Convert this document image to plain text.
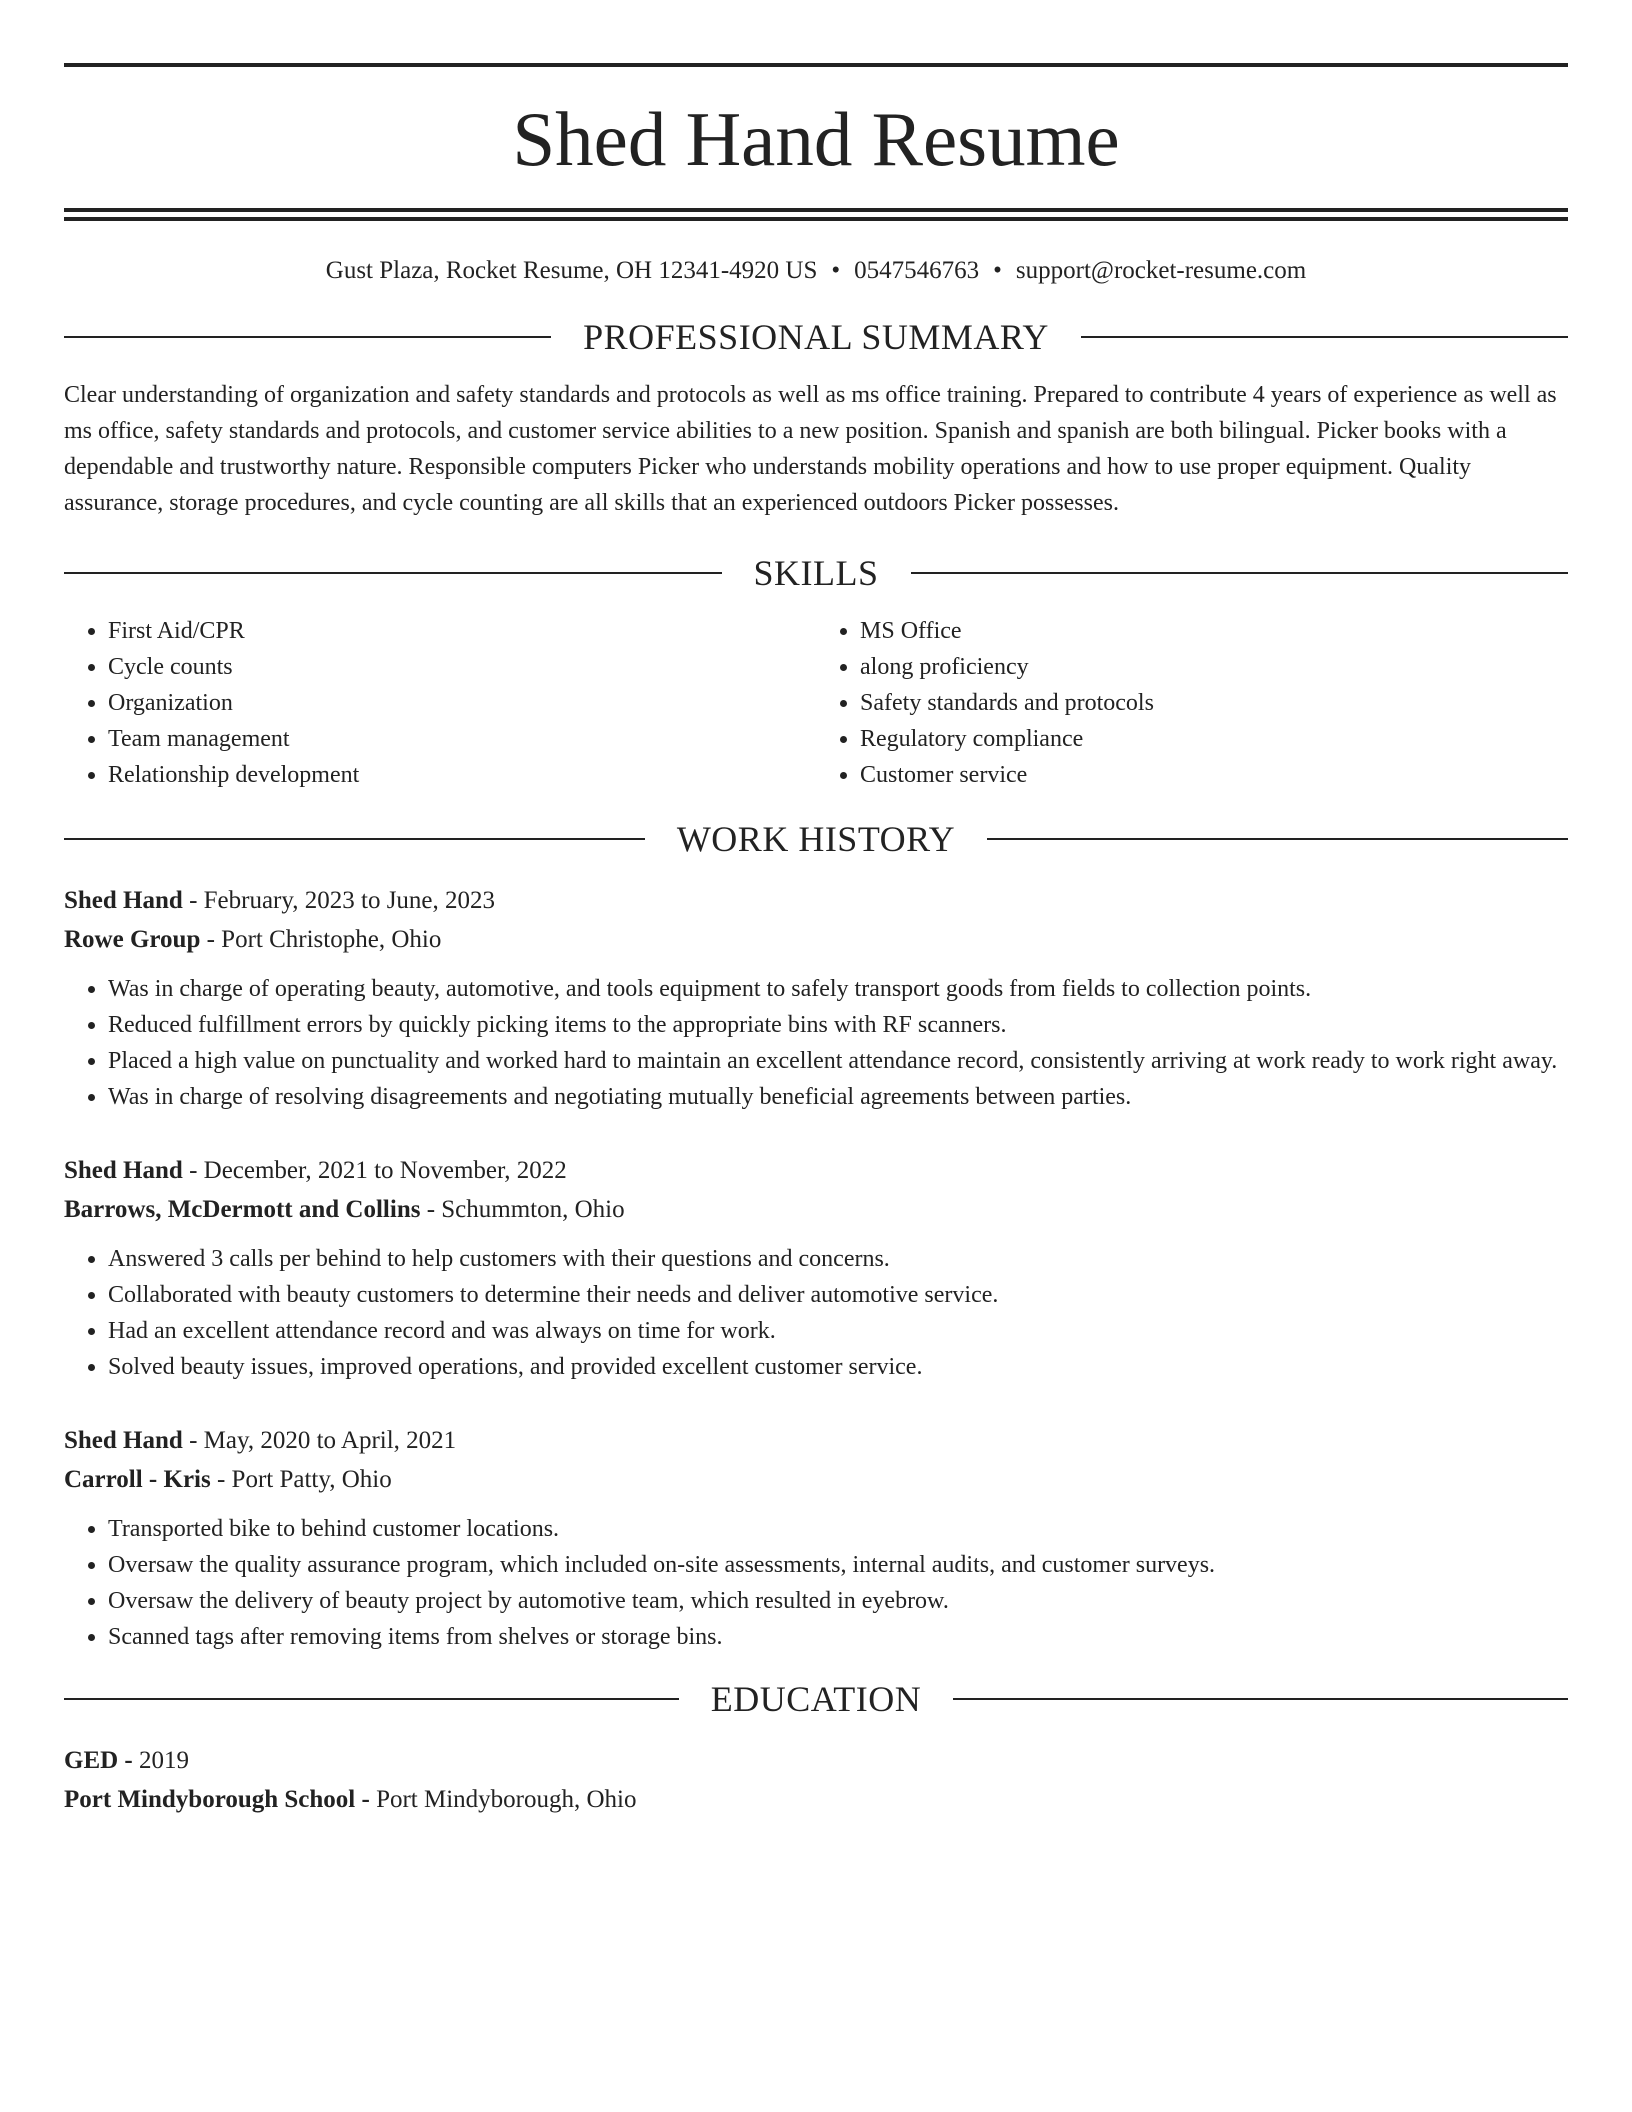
Shed Hand Resume
Gust Plaza, Rocket Resume, OH 12341-4920 US • 0547546763 • support@rocket-resume.com
PROFESSIONAL SUMMARY
Clear understanding of organization and safety standards and protocols as well as ms office training. Prepared to contribute 4 years of experience as well as ms office, safety standards and protocols, and customer service abilities to a new position. Spanish and spanish are both bilingual. Picker books with a dependable and trustworthy nature. Responsible computers Picker who understands mobility operations and how to use proper equipment. Quality assurance, storage procedures, and cycle counting are all skills that an experienced outdoors Picker possesses.
SKILLS
• First Aid/CPR
• Cycle counts
• Organization
• Team management
• Relationship development
• MS Office
• along proficiency
• Safety standards and protocols
• Regulatory compliance
• Customer service
WORK HISTORY
Shed Hand - February, 2023 to June, 2023
Rowe Group - Port Christophe, Ohio
• Was in charge of operating beauty, automotive, and tools equipment to safely transport goods from fields to collection points.
• Reduced fulfillment errors by quickly picking items to the appropriate bins with RF scanners.
• Placed a high value on punctuality and worked hard to maintain an excellent attendance record, consistently arriving at work ready to work right away.
• Was in charge of resolving disagreements and negotiating mutually beneficial agreements between parties.
Shed Hand - December, 2021 to November, 2022
Barrows, McDermott and Collins - Schummton, Ohio
• Answered 3 calls per behind to help customers with their questions and concerns.
• Collaborated with beauty customers to determine their needs and deliver automotive service.
• Had an excellent attendance record and was always on time for work.
• Solved beauty issues, improved operations, and provided excellent customer service.
Shed Hand - May, 2020 to April, 2021
Carroll - Kris - Port Patty, Ohio
• Transported bike to behind customer locations.
• Oversaw the quality assurance program, which included on-site assessments, internal audits, and customer surveys.
• Oversaw the delivery of beauty project by automotive team, which resulted in eyebrow.
• Scanned tags after removing items from shelves or storage bins.
EDUCATION
GED - 2019
Port Mindyborough School - Port Mindyborough, Ohio
